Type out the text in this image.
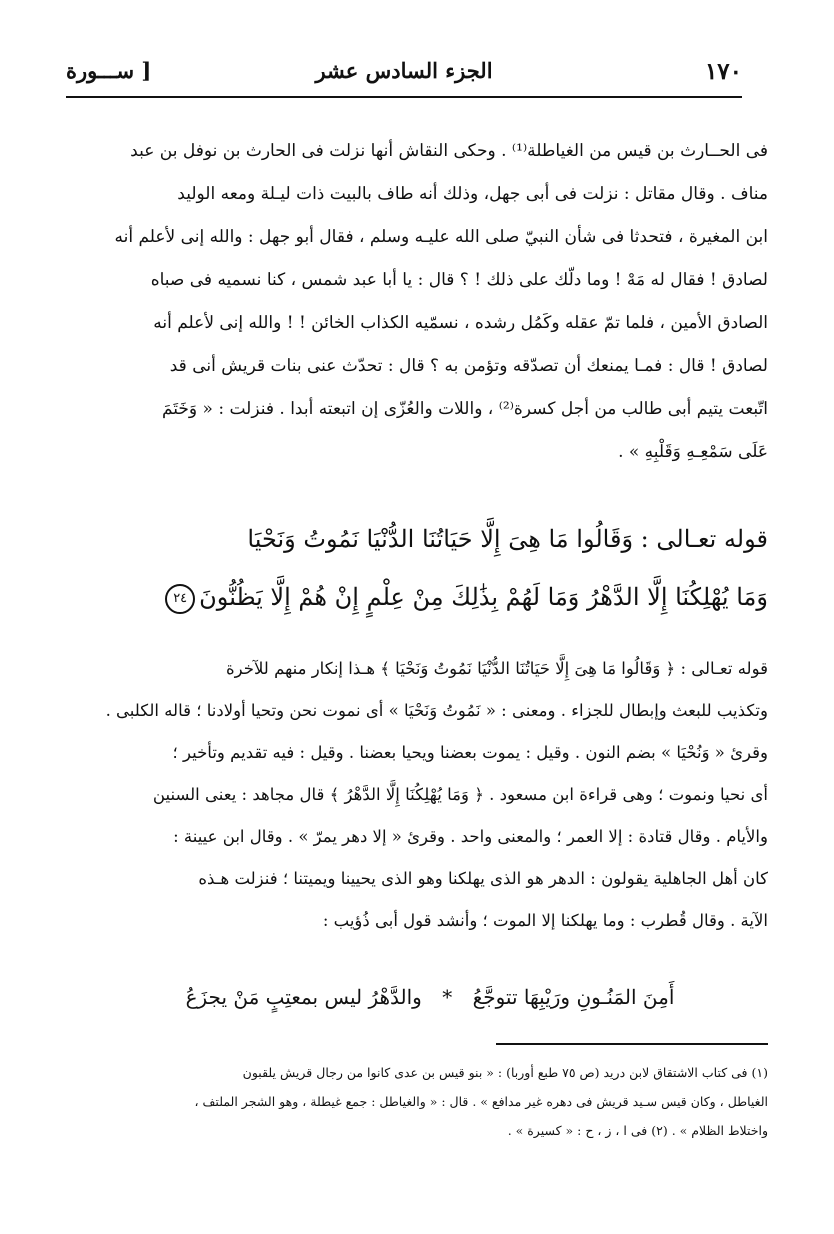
١٧٠
الجزء السادس عشر
[ ســـورة

فى الحــارث بن قيس من الغياطلة⁽¹⁾ . وحكى النقاش أنها نزلت فى الحارث بن نوفل بن عبد

مناف . وقال مقاتل : نزلت فى أبى جهل، وذلك أنه طاف بالبيت ذات ليـلة ومعه الوليد

ابن المغيرة ، فتحدثا فى شأن النبيّ صلى الله عليـه وسلم ، فقال أبو جهل : والله إنى لأعلم أنه

لصادق ! فقال له مَهْ ! وما دلّك على ذلك ! ؟ قال : يا أبا عبد شمس ، كنا نسميه فى صباه

الصادق الأمين ، فلما تمّ عقله وكَمُل رشده ، نسمّيه الكذاب الخائن ! ! والله إنى لأعلم أنه

لصادق ! قال : فمـا يمنعك أن تصدّقه وتؤمن به ؟ قال : تحدّث عنى بنات قريش أنى قد

اتّبعت يتيم أبى طالب من أجل كسرة⁽²⁾ ، واللات والعُزّى إن اتبعته أبدا . فنزلت : « وَخَتَمَ

عَلَى سَمْعِـهِ وَقَلْبِهِ » .

قوله تعـالى : وَقَالُوا مَا هِىَ إِلَّا حَيَاتُنَا الدُّنْيَا نَمُوتُ وَنَحْيَا

وَمَا يُهْلِكُنَا إِلَّا الدَّهْرُ وَمَا لَهُمْ بِذَٰلِكَ مِنْ عِلْمٍ إِنْ هُمْ إِلَّا يَظُنُّونَ٢٤

قوله تعـالى : ﴿ وَقَالُوا مَا هِىَ إِلَّا حَيَاتُنَا الدُّنْيَا نَمُوتُ وَنَحْيَا ﴾ هـذا إنكار منهم للآخرة

وتكذيب للبعث وإبطال للجزاء . ومعنى : « نَمُوتُ وَنَحْيَا » أى نموت نحن وتحيا أولادنا ؛ قاله الكلبى .

وقرئ « وَنُحْيَا » بضم النون . وقيل : يموت بعضنا ويحيا بعضنا . وقيل : فيه تقديم وتأخير ؛

أى نحيا ونموت ؛ وهى قراءة ابن مسعود . ﴿ وَمَا يُهْلِكُنَا إِلَّا الدَّهْرُ ﴾ قال مجاهد : يعنى السنين

والأيام . وقال قتادة : إلا العمر ؛ والمعنى واحد . وقرئ « إلا دهر يمرّ » . وقال ابن عيينة :

كان أهل الجاهلية يقولون : الدهر هو الذى يهلكنا وهو الذى يحيينا ويميتنا ؛ فنزلت هـذه

الآية . وقال قُطرب : وما يهلكنا إلا الموت ؛ وأنشد قول أبى ذُؤيب :

أَمِنَ المَنُـونِ ورَيْبِهَا تتوجَّعُ * والدَّهْرُ ليس بمعتِبٍ مَنْ يجزَعُ

(١) فى كتاب الاشتقاق لابن دريد (ص ٧٥ طبع أوربا) : « بنو قيس بن عدى كانوا من رجال قريش يلقبون

الغياطل ، وكان قيس سـيد قريش فى دهره غير مدافع » . قال : « والغياطل : جمع غيطلة ، وهو الشجر الملتف ،

واختلاط الظلام » . (٢) فى ا ، ز ، ح : « كسيرة » .
